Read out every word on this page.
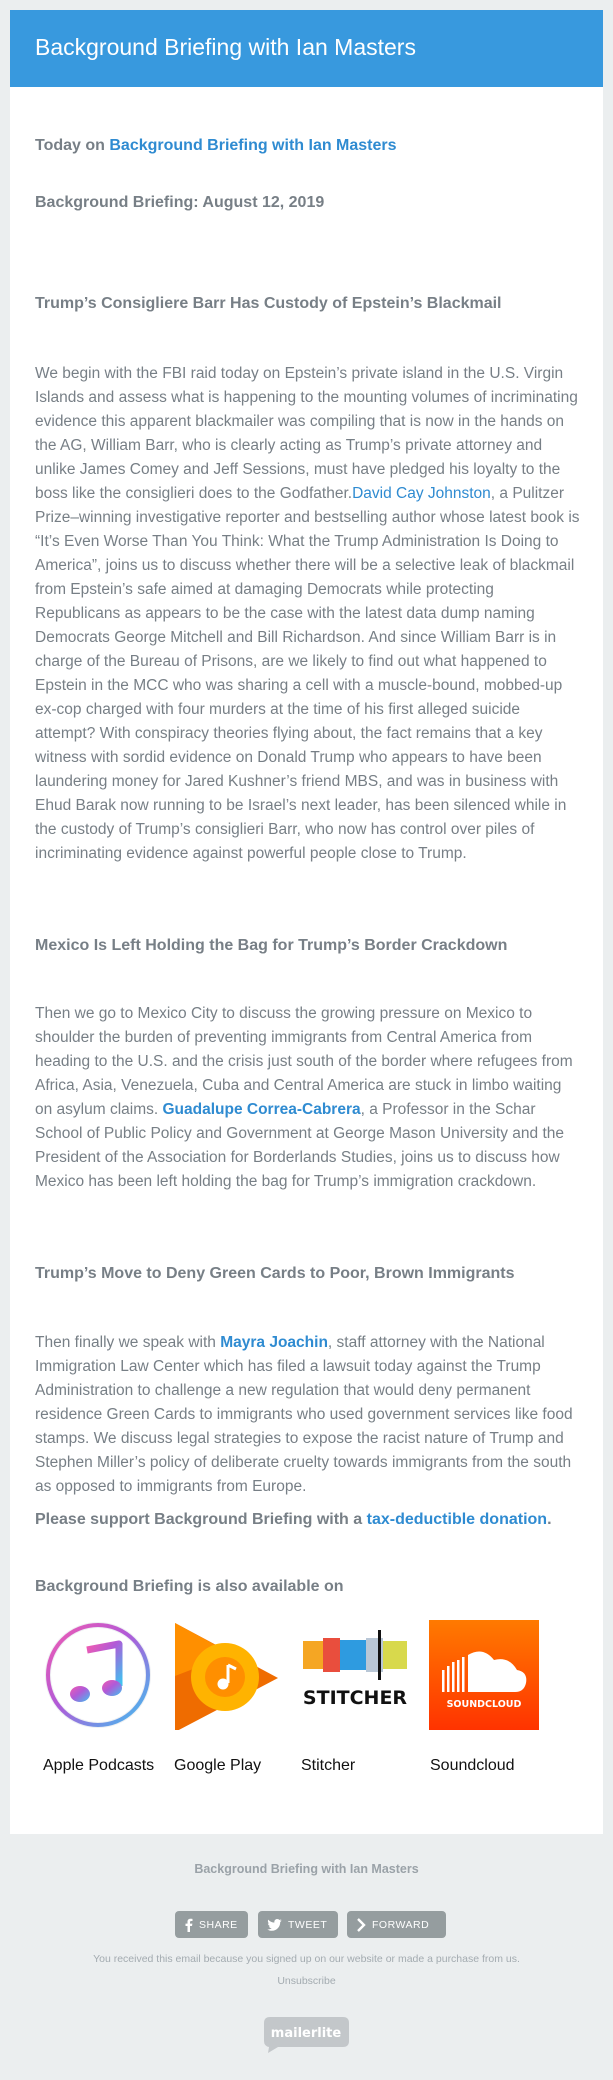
Background Briefing with Ian Masters
Today on Background Briefing with Ian Masters
Background Briefing: August 12, 2019
Trump’s Consigliere Barr Has Custody of Epstein’s Blackmail

We begin with the FBI raid today on Epstein’s private island in the U.S. Virgin Islands and assess what is happening to the mounting volumes of incriminating evidence this apparent blackmailer was compiling that is now in the hands on the AG, William Barr, who is clearly acting as Trump’s private attorney and unlike James Comey and Jeff Sessions, must have pledged his loyalty to the boss like the consiglieri does to the Godfather.David Cay Johnston, a Pulitzer Prize–winning investigative reporter and bestselling author whose latest book is “It’s Even Worse Than You Think: What the Trump Administration Is Doing to America”, joins us to discuss whether there will be a selective leak of blackmail from Epstein’s safe aimed at damaging Democrats while protecting Republicans as appears to be the case with the latest data dump naming Democrats George Mitchell and Bill Richardson. And since William Barr is in charge of the Bureau of Prisons, are we likely to find out what happened to Epstein in the MCC who was sharing a cell with a muscle-bound, mobbed-up ex-cop charged with four murders at the time of his first alleged suicide attempt? With conspiracy theories flying about, the fact remains that a key witness with sordid evidence on Donald Trump who appears to have been laundering money for Jared Kushner’s friend MBS, and was in business with Ehud Barak now running to be Israel’s next leader, has been silenced while in the custody of Trump’s consiglieri Barr, who now has control over piles of incriminating evidence against powerful people close to Trump.

Mexico Is Left Holding the Bag for Trump’s Border Crackdown

Then we go to Mexico City to discuss the growing pressure on Mexico to shoulder the burden of preventing immigrants from Central America from heading to the U.S. and the crisis just south of the border where refugees from Africa, Asia, Venezuela, Cuba and Central America are stuck in limbo waiting on asylum claims. Guadalupe Correa-Cabrera, a Professor in the Schar School of Public Policy and Government at George Mason University and the President of the Association for Borderlands Studies, joins us to discuss how Mexico has been left holding the bag for Trump’s immigration crackdown.

Trump’s Move to Deny Green Cards to Poor, Brown Immigrants

Then finally we speak with Mayra Joachin, staff attorney with the National Immigration Law Center which has filed a lawsuit today against the Trump Administration to challenge a new regulation that would deny permanent residence Green Cards to immigrants who used government services like food stamps. We discuss legal strategies to expose the racist nature of Trump and Stephen Miller’s policy of deliberate cruelty towards immigrants from the south as opposed to immigrants from Europe.

Please support Background Briefing with a tax-deductible donation.
Background Briefing is also available on
STITCHER	SOUNDCLOUD
Apple Podcasts Google Play Stitcher	Soundcloud
Background Briefing with Ian Masters
SHARE	TWEET	FORWARD
You received this email because you signed up on our website or made a purchase from us.
Unsubscribe
mailerlite
